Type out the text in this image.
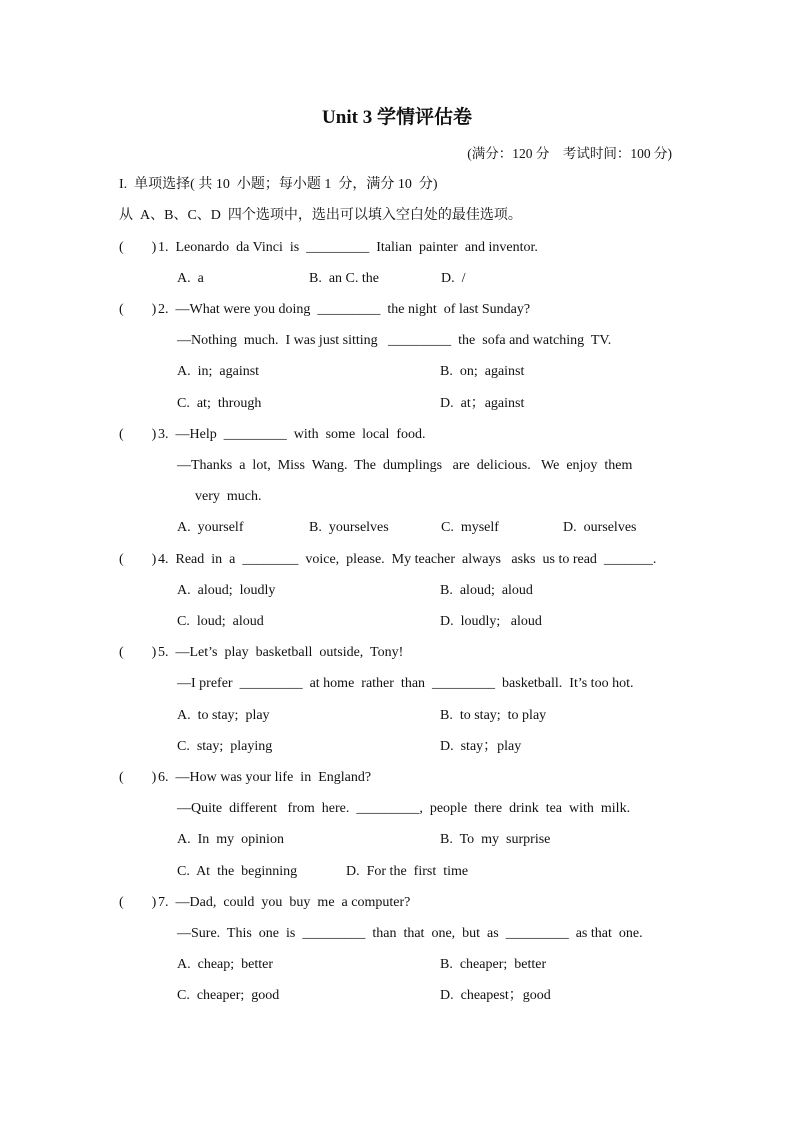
Unit 3 学情评估卷
(满分：120 分    考试时间：100 分)
I.  单项选择( 共 10  小题；每小题 1  分，满分 10  分)
从  A、B、C、D  四个选项中，选出可以填入空白处的最佳选项。
(        ) 1.  Leonardo  da Vinci  is  _________  Italian  painter  and inventor.
A.  a	B.  an C. the	D.  /
(        ) 2.  —What were you doing  _________  the night  of last Sunday?
—Nothing  much.  I was just sitting   _________  the  sofa and watching  TV.
A.  in;  against	B.  on;  against
C.  at;  through	D.  at；against
(        ) 3.  —Help  _________  with  some  local  food.
—Thanks  a  lot,  Miss  Wang.  The  dumplings   are  delicious.   We  enjoy  them
very  much.
A.  yourself	B.  yourselves	C.  myself	D.  ourselves
(        ) 4.  Read  in  a  ________  voice,  please.  My teacher  always   asks  us to read  _______.
A.  aloud;  loudly	B.  aloud;  aloud
C.  loud;  aloud	D.  loudly;   aloud
(        ) 5.  —Let’s  play  basketball  outside,  Tony!
—I prefer  _________  at home  rather  than  _________  basketball.  It’s too hot.
A.  to stay;  play	B.  to stay;  to play
C.  stay;  playing	D.  stay；play
(        ) 6.  —How was your life  in  England?
—Quite  different   from  here.  _________,  people  there  drink  tea  with  milk.
A.  In  my  opinion	B.  To  my  surprise
C.  At  the  beginning	D.  For the  first  time
(        ) 7.  —Dad,  could  you  buy  me  a computer?
—Sure.  This  one  is  _________  than  that  one,  but  as  _________  as that  one.
A.  cheap;  better	B.  cheaper;  better
C.  cheaper;  good	D.  cheapest；good
